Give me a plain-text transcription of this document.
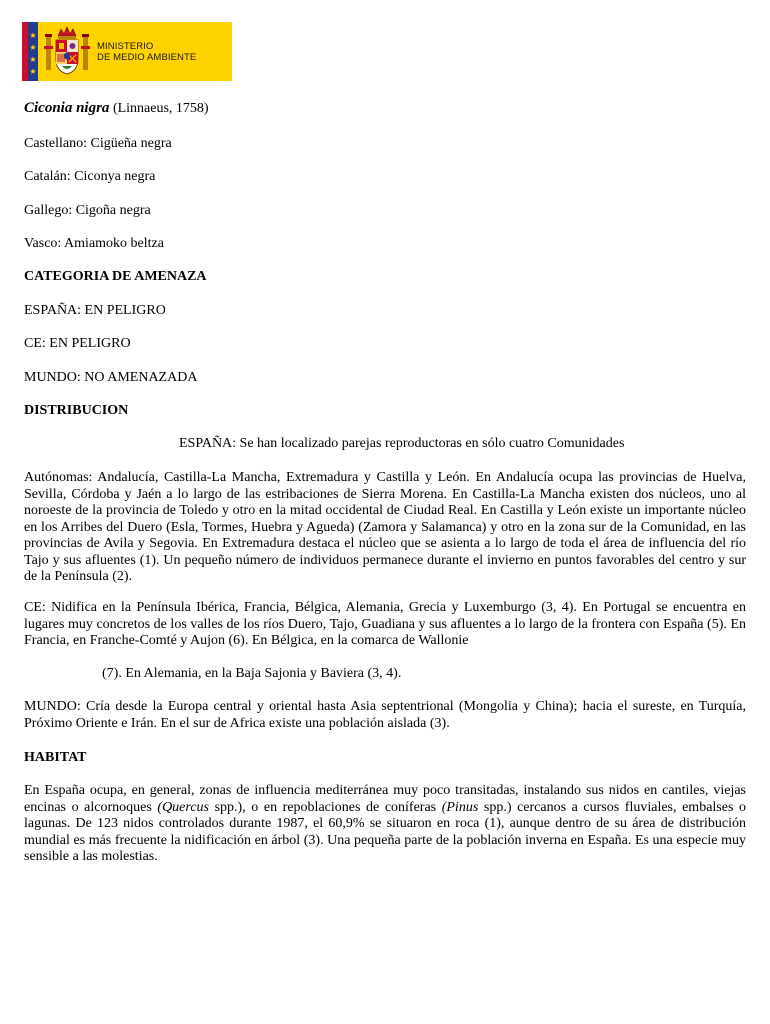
★
★
★
★
MINISTERIO
DE MEDIO AMBIENTE
Ciconia nigra (Linnaeus, 1758)
Castellano: Cigüeña negra
Catalán: Ciconya negra
Gallego: Cigoña negra
Vasco: Amiamoko beltza
CATEGORIA DE AMENAZA
ESPAÑA: EN PELIGRO
CE: EN PELIGRO
MUNDO: NO AMENAZADA
DISTRIBUCION
ESPAÑA: Se han localizado parejas reproductoras en sólo cuatro Comunidades
Autónomas: Andalucía, Castilla-La Mancha, Extremadura y Castilla y León. En Andalucía ocupa las provincias de Huelva, Sevilla, Córdoba y Jaén a lo largo de las estribaciones de Sierra Morena. En Castilla-La Mancha existen dos núcleos, uno al noroeste de la provincia de Toledo y otro en la mitad occidental de Ciudad Real. En Castilla y León existe un importante núcleo en los Arribes del Duero (Esla, Tormes, Huebra y Agueda) (Zamora y Salamanca) y otro en la zona sur de la Comunidad, en las provincias de Avila y Segovia. En Extremadura destaca el núcleo que se asienta a lo largo de toda el área de influencia del río Tajo y sus afluentes (1). Un pequeño número de individuos permanece durante el invierno en puntos favorables del centro y sur de la Península (2).
CE: Nidifica en la Península Ibérica, Francia, Bélgica, Alemania, Grecia y Luxemburgo (3, 4). En Portugal se encuentra en lugares muy concretos de los valles de los ríos Duero, Tajo, Guadiana y sus afluentes a lo largo de la frontera con España (5). En Francia, en Franche-Comté y Aujon (6). En Bélgica, en la comarca de Wallonie
(7). En Alemania, en la Baja Sajonia y Baviera (3, 4).
MUNDO: Cría desde la Europa central y oriental hasta Asia septentrional (Mongolia y China); hacia el sureste, en Turquía, Próximo Oriente e Irán. En el sur de Africa existe una población aislada (3).
HABITAT
En España ocupa, en general, zonas de influencia mediterránea muy poco transitadas, instalando sus nidos en cantiles, viejas encinas o alcornoques (Quercus spp.), o en repoblaciones de coníferas (Pinus spp.) cercanos a cursos fluviales, embalses o lagunas. De 123 nidos controlados durante 1987, el 60,9% se situaron en roca (1), aunque dentro de su área de distribución mundial es más frecuente la nidificación en árbol (3). Una pequeña parte de la población inverna en España. Es una especie muy sensible a las molestias.
